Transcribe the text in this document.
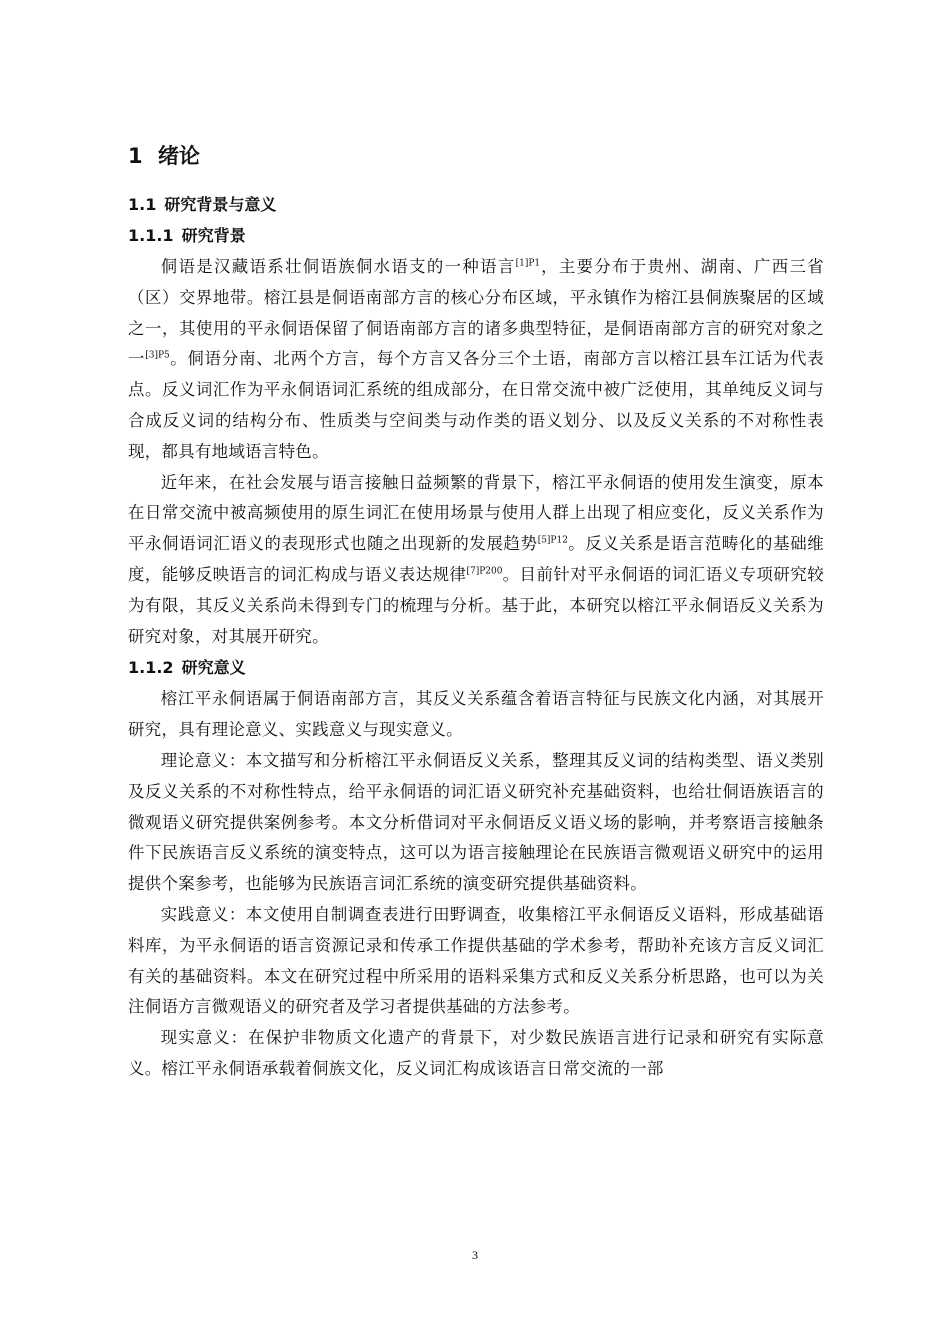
1 绪论
1.1 研究背景与意义
1.1.1 研究背景

侗语是汉藏语系壮侗语族侗水语支的一种语言$^{[1]P1}$，主要分布于贵州、湖南、广西三省（区）交界地带。榕江县是侗语南部方言的核心分布区域，平永镇作为榕江县侗族聚居的区域之一，其使用的平永侗语保留了侗语南部方言的诸多典型特征，是侗语南部方言的研究对象之一$^{[3]P5}$。侗语分南、北两个方言，每个方言又各分三个土语，南部方言以榕江县车江话为代表点。反义词汇作为平永侗语词汇系统的组成部分，在日常交流中被广泛使用，其单纯反义词与合成反义词的结构分布、性质类与空间类与动作类的语义划分、以及反义关系的不对称性表现，都具有地域语言特色。

近年来，在社会发展与语言接触日益频繁的背景下，榕江平永侗语的使用发生演变，原本在日常交流中被高频使用的原生词汇在使用场景与使用人群上出现了相应变化，反义关系作为平永侗语词汇语义的表现形式也随之出现新的发展趋势$^{[5]P12}$。反义关系是语言范畴化的基础维度，能够反映语言的词汇构成与语义表达规律$^{[7]P200}$。目前针对平永侗语的词汇语义专项研究较为有限，其反义关系尚未得到专门的梳理与分析。基于此，本研究以榕江平永侗语反义关系为研究对象，对其展开研究。

1.1.2 研究意义

榕江平永侗语属于侗语南部方言，其反义关系蕴含着语言特征与民族文化内涵，对其展开研究，具有理论意义、实践意义与现实意义。

理论意义：本文描写和分析榕江平永侗语反义关系，整理其反义词的结构类型、语义类别及反义关系的不对称性特点，给平永侗语的词汇语义研究补充基础资料，也给壮侗语族语言的微观语义研究提供案例参考。本文分析借词对平永侗语反义语义场的影响，并考察语言接触条件下民族语言反义系统的演变特点，这可以为语言接触理论在民族语言微观语义研究中的运用提供个案参考，也能够为民族语言词汇系统的演变研究提供基础资料。

实践意义：本文使用自制调查表进行田野调查，收集榕江平永侗语反义语料，形成基础语料库，为平永侗语的语言资源记录和传承工作提供基础的学术参考，帮助补充该方言反义词汇有关的基础资料。本文在研究过程中所采用的语料采集方式和反义关系分析思路，也可以为关注侗语方言微观语义的研究者及学习者提供基础的方法参考。

现实意义：在保护非物质文化遗产的背景下，对少数民族语言进行记录和研究有实际意义。榕江平永侗语承载着侗族文化，反义词汇构成该语言日常交流的一部

3
